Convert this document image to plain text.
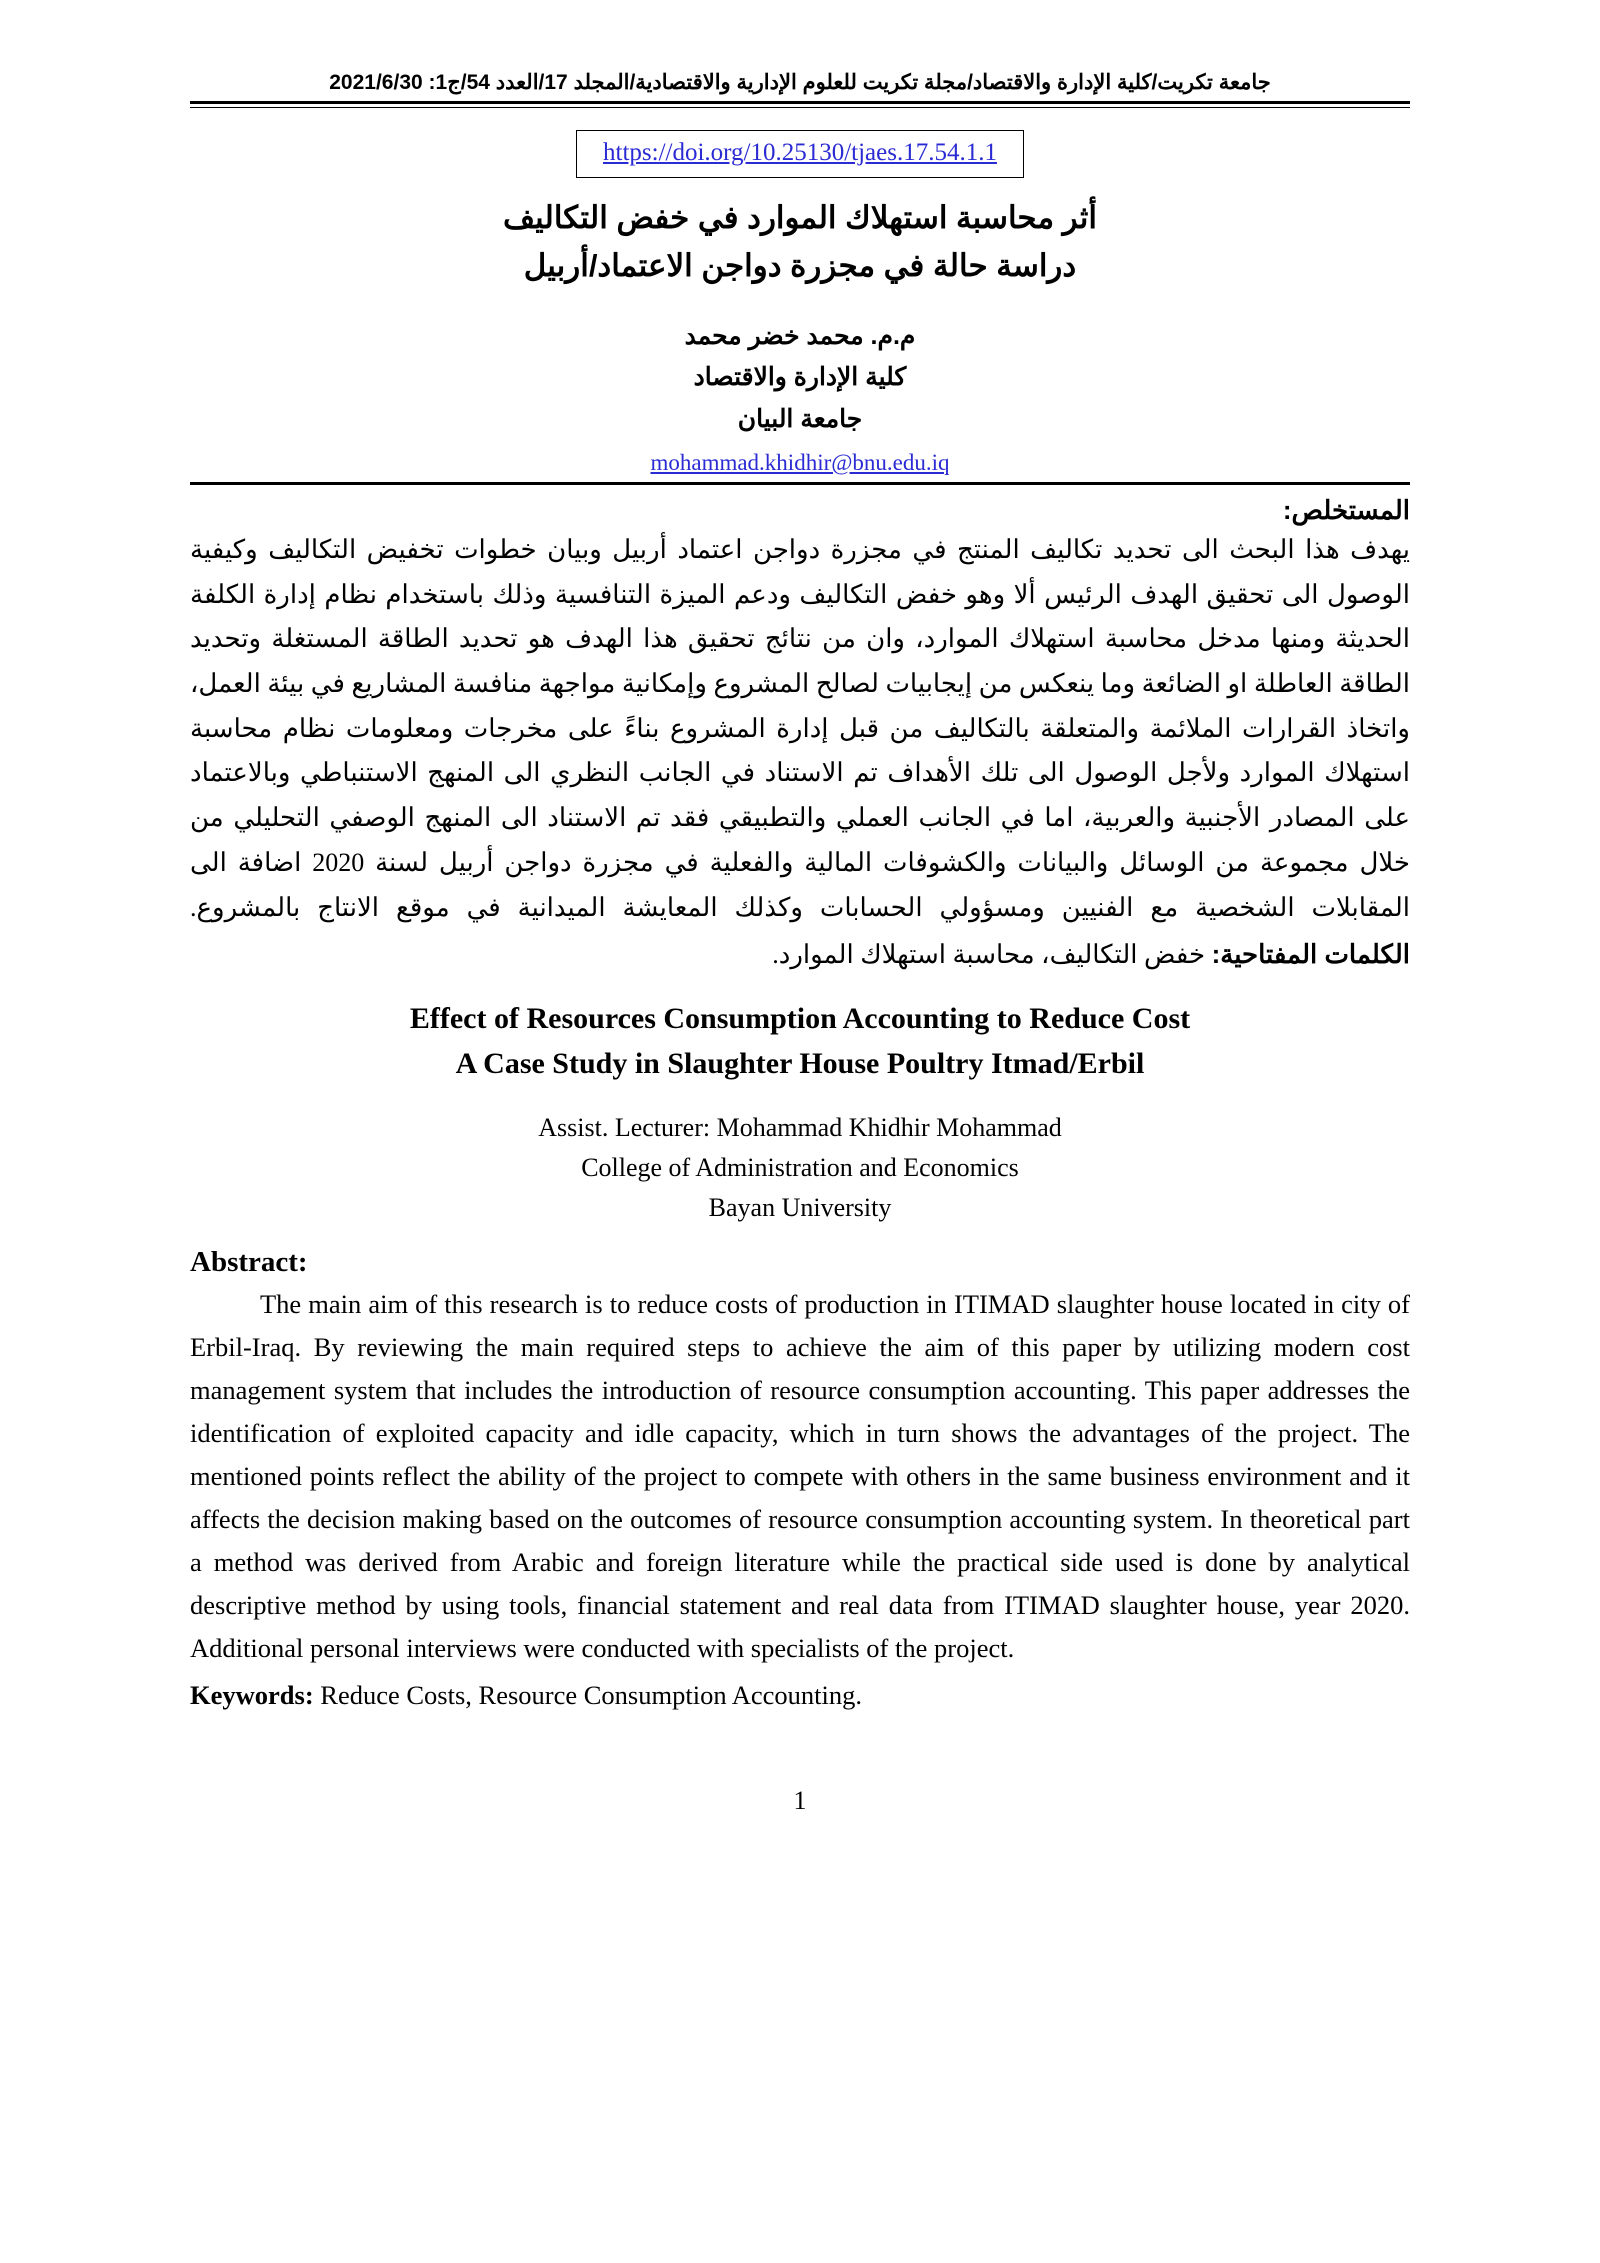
جامعة تكريت/كلية الإدارة والاقتصاد/مجلة تكريت للعلوم الإدارية والاقتصادية/المجلد 17/العدد 54/ج1: 2021/6/30
https://doi.org/10.25130/tjaes.17.54.1.1
أثر محاسبة استهلاك الموارد في خفض التكاليف
دراسة حالة في مجزرة دواجن الاعتماد/أربيل
م.م. محمد خضر محمد
كلية الإدارة والاقتصاد
جامعة البيان
mohammad.khidhir@bnu.edu.iq
المستخلص:
يهدف هذا البحث الى تحديد تكاليف المنتج في مجزرة دواجن اعتماد أربيل وبيان خطوات تخفيض التكاليف وكيفية الوصول الى تحقيق الهدف الرئيس ألا وهو خفض التكاليف ودعم الميزة التنافسية وذلك باستخدام نظام إدارة الكلفة الحديثة ومنها مدخل محاسبة استهلاك الموارد، وان من نتائج تحقيق هذا الهدف هو تحديد الطاقة المستغلة وتحديد الطاقة العاطلة او الضائعة وما ينعكس من إيجابيات لصالح المشروع وإمكانية مواجهة منافسة المشاريع في بيئة العمل، واتخاذ القرارات الملائمة والمتعلقة بالتكاليف من قبل إدارة المشروع بناءً على مخرجات ومعلومات نظام محاسبة استهلاك الموارد ولأجل الوصول الى تلك الأهداف تم الاستناد في الجانب النظري الى المنهج الاستنباطي وبالاعتماد على المصادر الأجنبية والعربية، اما في الجانب العملي والتطبيقي فقد تم الاستناد الى المنهج الوصفي التحليلي من خلال مجموعة من الوسائل والبيانات والكشوفات المالية والفعلية في مجزرة دواجن أربيل لسنة 2020 اضافة الى المقابلات الشخصية مع الفنيين ومسؤولي الحسابات وكذلك المعايشة الميدانية في موقع الانتاج بالمشروع.
الكلمات المفتاحية: خفض التكاليف، محاسبة استهلاك الموارد.
Effect of Resources Consumption Accounting to Reduce Cost
A Case Study in Slaughter House Poultry Itmad/Erbil
Assist. Lecturer: Mohammad Khidhir Mohammad
College of Administration and Economics
Bayan University
Abstract:
The main aim of this research is to reduce costs of production in ITIMAD slaughter house located in city of Erbil-Iraq. By reviewing the main required steps to achieve the aim of this paper by utilizing modern cost management system that includes the introduction of resource consumption accounting. This paper addresses the identification of exploited capacity and idle capacity, which in turn shows the advantages of the project. The mentioned points reflect the ability of the project to compete with others in the same business environment and it affects the decision making based on the outcomes of resource consumption accounting system. In theoretical part a method was derived from Arabic and foreign literature while the practical side used is done by analytical descriptive method by using tools, financial statement and real data from ITIMAD slaughter house, year 2020. Additional personal interviews were conducted with specialists of the project.
Keywords: Reduce Costs, Resource Consumption Accounting.
1
